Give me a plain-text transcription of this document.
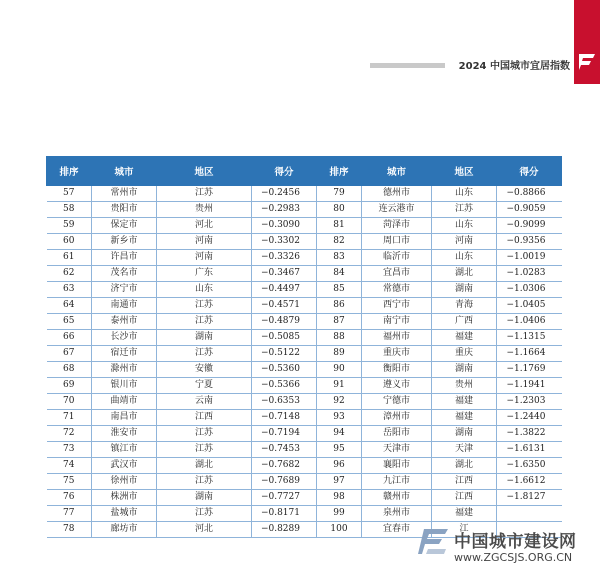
2024 中国城市宜居指数
排序	城市	地区	得分	排序	城市	地区	得分
57	常州市	江苏	−0.2456	79	德州市	山东	−0.8866
58	贵阳市	贵州	−0.2983	80	连云港市	江苏	−0.9059
59	保定市	河北	−0.3090	81	菏泽市	山东	−0.9099
60	新乡市	河南	−0.3302	82	周口市	河南	−0.9356
61	许昌市	河南	−0.3326	83	临沂市	山东	−1.0019
62	茂名市	广东	−0.3467	84	宜昌市	湖北	−1.0283
63	济宁市	山东	−0.4497	85	常德市	湖南	−1.0306
64	南通市	江苏	−0.4571	86	西宁市	青海	−1.0405
65	泰州市	江苏	−0.4879	87	南宁市	广西	−1.0406
66	长沙市	湖南	−0.5085	88	福州市	福建	−1.1315
67	宿迁市	江苏	−0.5122	89	重庆市	重庆	−1.1664
68	滁州市	安徽	−0.5360	90	衡阳市	湖南	−1.1769
69	银川市	宁夏	−0.5366	91	遵义市	贵州	−1.1941
70	曲靖市	云南	−0.6353	92	宁德市	福建	−1.2303
71	南昌市	江西	−0.7148	93	漳州市	福建	−1.2440
72	淮安市	江苏	−0.7194	94	岳阳市	湖南	−1.3822
73	镇江市	江苏	−0.7453	95	天津市	天津	−1.6131
74	武汉市	湖北	−0.7682	96	襄阳市	湖北	−1.6350
75	徐州市	江苏	−0.7689	97	九江市	江西	−1.6612
76	株洲市	湖南	−0.7727	98	赣州市	江西	−1.8127
77	盐城市	江苏	−0.8171	99	泉州市	福建	
78	廊坊市	河北	−0.8289	100	宜春市	江	
中国城市建设网
www.ZGCSJS.ORG.CN
